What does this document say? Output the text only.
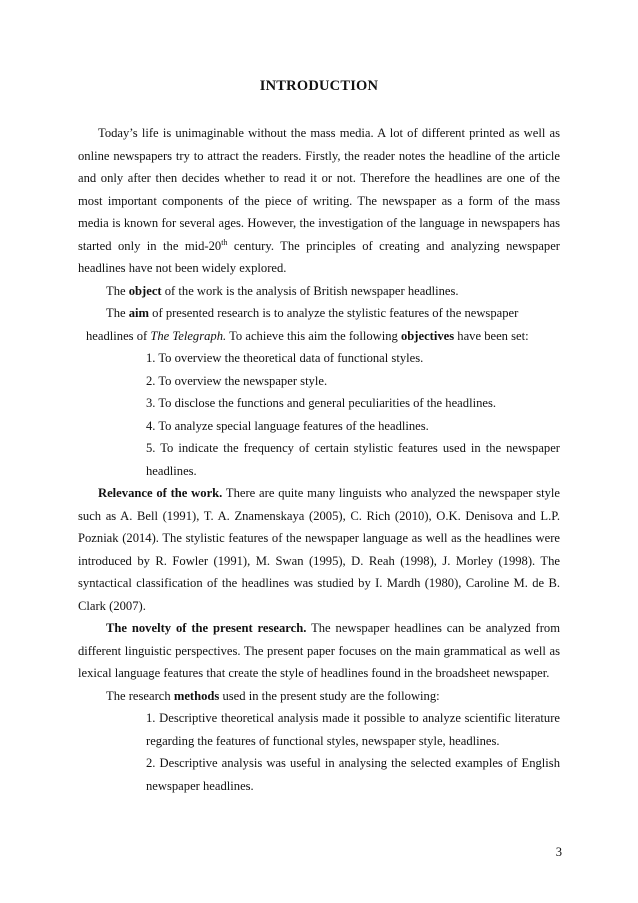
INTRODUCTION

Today’s life is unimaginable without the mass media. A lot of different printed as well as online newspapers try to attract the readers. Firstly, the reader notes the headline of the article and only after then decides whether to read it or not. Therefore the headlines are one of the most important components of the piece of writing. The newspaper as a form of the mass media is known for several ages. However, the investigation of the language in newspapers has started only in the mid-20th century. The principles of creating and analyzing newspaper headlines have not been widely explored.

The object of the work is the analysis of British newspaper headlines.

The aim of presented research is to analyze the stylistic features of the newspaper

headlines of The Telegraph. To achieve this aim the following objectives have been set:

1. To overview the theoretical data of functional styles.

2. To overview the newspaper style.

3. To disclose the functions and general peculiarities of the headlines.

4. To analyze special language features of the headlines.

5. To indicate the frequency of certain stylistic features used in the newspaper headlines.

Relevance of the work. There are quite many linguists who analyzed the newspaper style such as A. Bell (1991), T. A. Znamenskaya (2005), C. Rich (2010), O.K. Denisova and L.P. Pozniak (2014). The stylistic features of the newspaper language as well as the headlines were introduced by R. Fowler (1991), M. Swan (1995), D. Reah (1998), J. Morley (1998). The syntactical classification of the headlines was studied by I. Mardh (1980), Caroline M. de B. Clark (2007).

The novelty of the present research. The newspaper headlines can be analyzed from different linguistic perspectives. The present paper focuses on the main grammatical as well as lexical language features that create the style of headlines found in the broadsheet newspaper.

The research methods used in the present study are the following:

1. Descriptive theoretical analysis made it possible to analyze scientific literature regarding the features of functional styles, newspaper style, headlines.

2. Descriptive analysis was useful in analysing the selected examples of English newspaper headlines.

3
